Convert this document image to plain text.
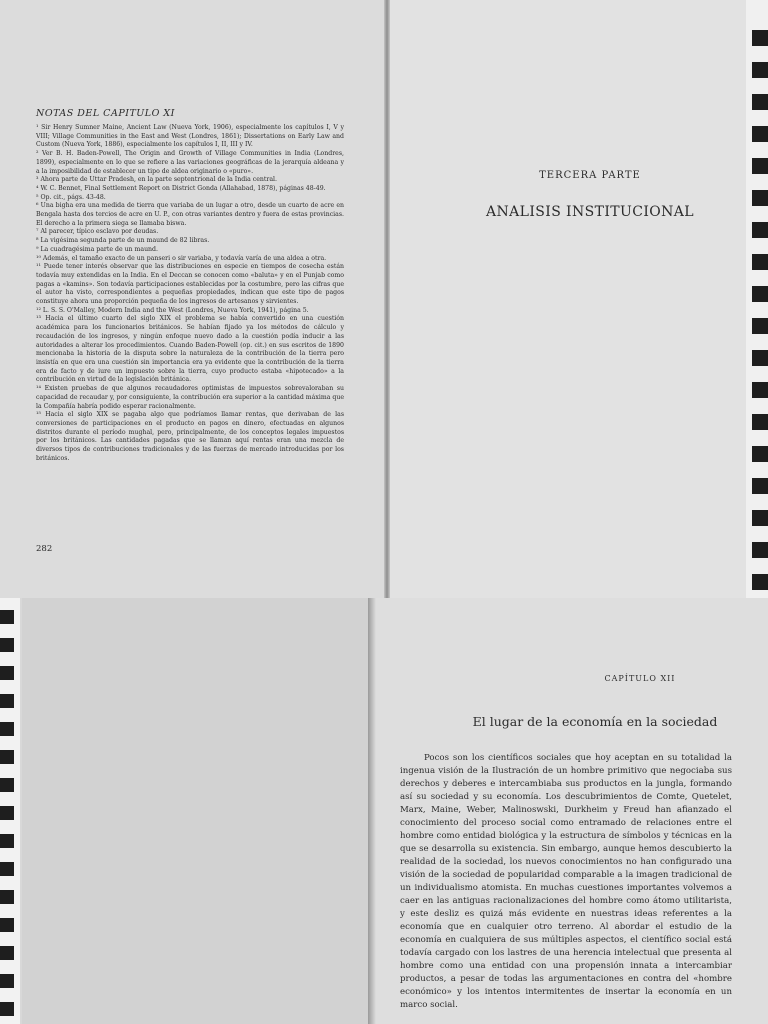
NOTAS DEL CAPITULO XI

¹ Sir Henry Sumner Maine, Ancient Law (Nueva York, 1906), especialmente los capítulos I, V y VIII; Village Communities in the East and West (Londres, 1861); Dissertations on Early Law and Custom (Nueva York, 1886), especialmente los capítulos I, II, III y IV.
² Ver B. H. Baden-Powell, The Origin and Growth of Village Communities in India (Londres, 1899), especialmente en lo que se refiere a las variaciones geográficas de la jerarquía aldeana y a la imposibilidad de establecer un tipo de aldea originario o «puro».
³ Ahora parte de Uttar Pradesh, en la parte septentrional de la India central.
⁴ W. C. Bennet, Final Settlement Report on District Gonda (Allahabad, 1878), páginas 48-49.
⁵ Op. cit., págs. 43-48.
⁶ Una bigha era una medida de tierra que variaba de un lugar a otro, desde un cuarto de acre en Bengala hasta dos tercios de acre en U. P., con otras variantes dentro y fuera de estas provincias. El derecho a la primera siega se llamaba biswa.
⁷ Al parecer, típico esclavo por deudas.
⁸ La vigésima segunda parte de un maund de 82 libras.
⁹ La cuadragésima parte de un maund.
¹⁰ Además, el tamaño exacto de un panseri o sir variaba, y todavía varía de una aldea a otra.
¹¹ Puede tener interés observar que las distribuciones en especie en tiempos de cosecha están todavía muy extendidas en la India. En el Deccan se conocen como «baluta» y en el Punjab como pagas a «kamins». Son todavía participaciones establecidas por la costumbre, pero las cifras que el autor ha visto, correspondientes a pequeñas propiedades, indican que este tipo de pagos constituye ahora una proporción pequeña de los ingresos de artesanos y sirvientes.
¹² L. S. S. O'Malley, Modern India and the West (Londres, Nueva York, 1941), página 5.
¹³ Hacia el último cuarto del siglo XIX el problema se había convertido en una cuestión académica para los funcionarios británicos. Se habían fijado ya los métodos de cálculo y recaudación de los ingresos, y ningún enfoque nuevo dado a la cuestión podía inducir a las autoridades a alterar los procedimientos. Cuando Baden-Powell (op. cit.) en sus escritos de 1890 mencionaba la historia de la disputa sobre la naturaleza de la contribución de la tierra pero insistía en que era una cuestión sin importancia era ya evidente que la contribución de la tierra era de facto y de iure un impuesto sobre la tierra, cuyo producto estaba «hipotecado» a la contribución en virtud de la legislación británica.
¹⁴ Existen pruebas de que algunos recaudadores optimistas de impuestos sobrevaloraban su capacidad de recaudar y, por consiguiente, la contribución era superior a la cantidad máxima que la Compañía habría podido esperar racionalmente.
¹⁵ Hacia el siglo XIX se pagaba algo que podríamos llamar rentas, que derivaban de las conversiones de participaciones en el producto en pagos en dinero, efectuadas en algunos distritos durante el período mughal, pero, principalmente, de los conceptos legales impuestos por los británicos. Las cantidades pagadas que se llaman aquí rentas eran una mezcla de diversos tipos de contribuciones tradicionales y de las fuerzas de mercado introducidas por los británicos.

282

TERCERA PARTE

ANALISIS INSTITUCIONAL

CAPÍTULO XII

El lugar de la economía en la sociedad

Pocos son los científicos sociales que hoy aceptan en su totalidad la ingenua visión de la Ilustración de un hombre primitivo que negociaba sus derechos y deberes e intercambiaba sus productos en la jungla, formando así su sociedad y su economía. Los descubrimientos de Comte, Quetelet, Marx, Maine, Weber, Malinoswski, Durkheim y Freud han afianzado el conocimiento del proceso social como entramado de relaciones entre el hombre como entidad biológica y la estructura de símbolos y técnicas en la que se desarrolla su existencia. Sin embargo, aunque hemos descubierto la realidad de la sociedad, los nuevos conocimientos no han configurado una visión de la sociedad de popularidad comparable a la imagen tradicional de un individualismo atomista. En muchas cuestiones importantes volvemos a caer en las antiguas racionalizaciones del hombre como átomo utilitarista, y este desliz es quizá más evidente en nuestras ideas referentes a la economía que en cualquier otro terreno. Al abordar el estudio de la economía en cualquiera de sus múltiples aspectos, el científico social está todavía cargado con los lastres de una herencia intelectual que presenta al hombre como una entidad con una propensión innata a intercambiar productos, a pesar de todas las argumentaciones en contra del «hombre económico» y los intentos intermitentes de insertar la economía en un marco social.
